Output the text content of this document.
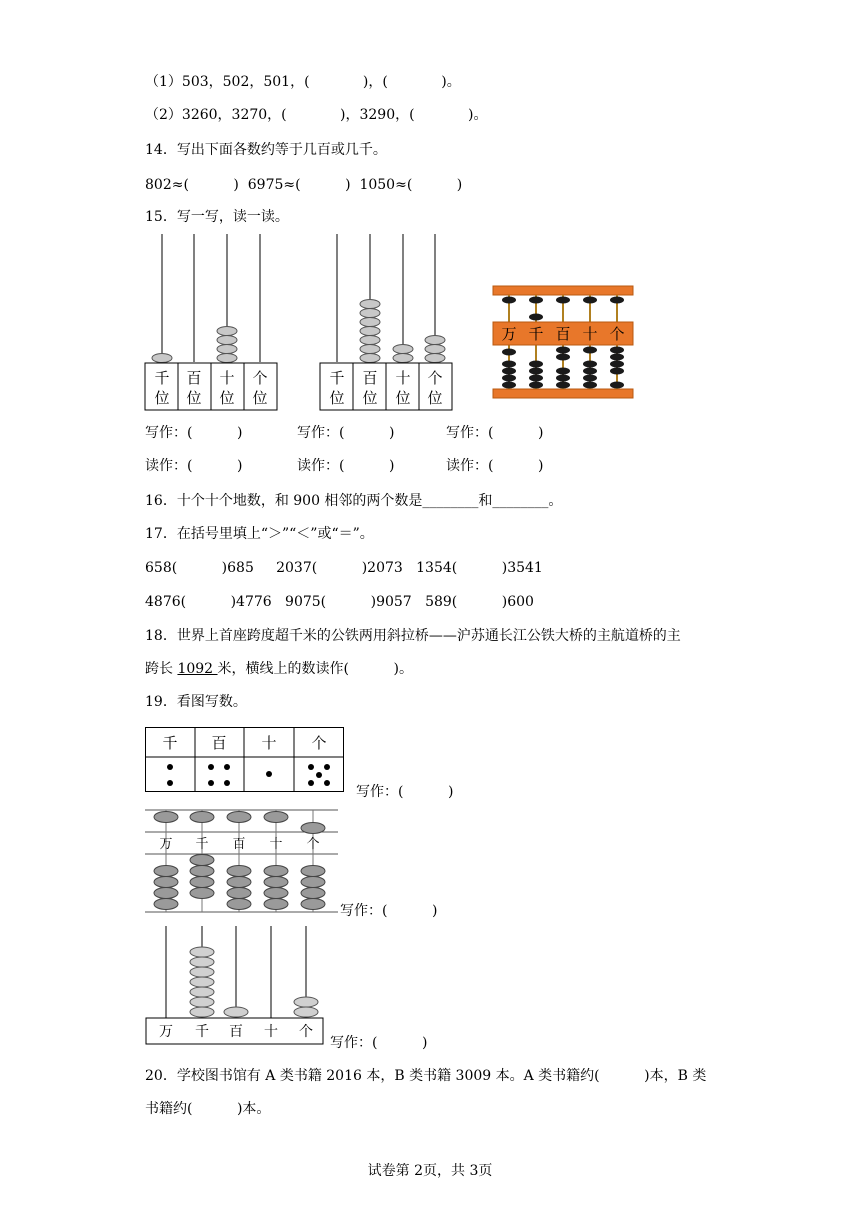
（1）503，502，501，(            )，(            )。
（2）3260，3270，(            )，3290，(            )。
14．写出下面各数约等于几百或几千。
802≈(          )  6975≈(          )  1050≈(          )
15．写一写，读一读。
千
位
百
位
十
位
个
位
千
位
百
位
十
位
个
位
万 千 百 十 个
写作：(          )	写作：(          )	写作：(          )
读作：(          )	读作：(          )	读作：(          )
16．十个十个地数，和 900 相邻的两个数是________和________。
17．在括号里填上“＞”“＜”或“＝”。
658(          )685     2037(          )2073   1354(          )3541
4876(          )4776   9075(          )9057   589(          )600
18．世界上首座跨度超千米的公铁两用斜拉桥——沪苏通长江公铁大桥的主航道桥的主
跨长 1092 米，横线上的数读作(          )。
19．看图写数。
千 百 十 个
写作：(          )
万 千 百 十 个
写作：(          )
万 千 百 十 个
写作：(          )
20．学校图书馆有 A 类书籍 2016 本，B 类书籍 3009 本。A 类书籍约(          )本，B 类
书籍约(          )本。
试卷第 2页，共 3页
